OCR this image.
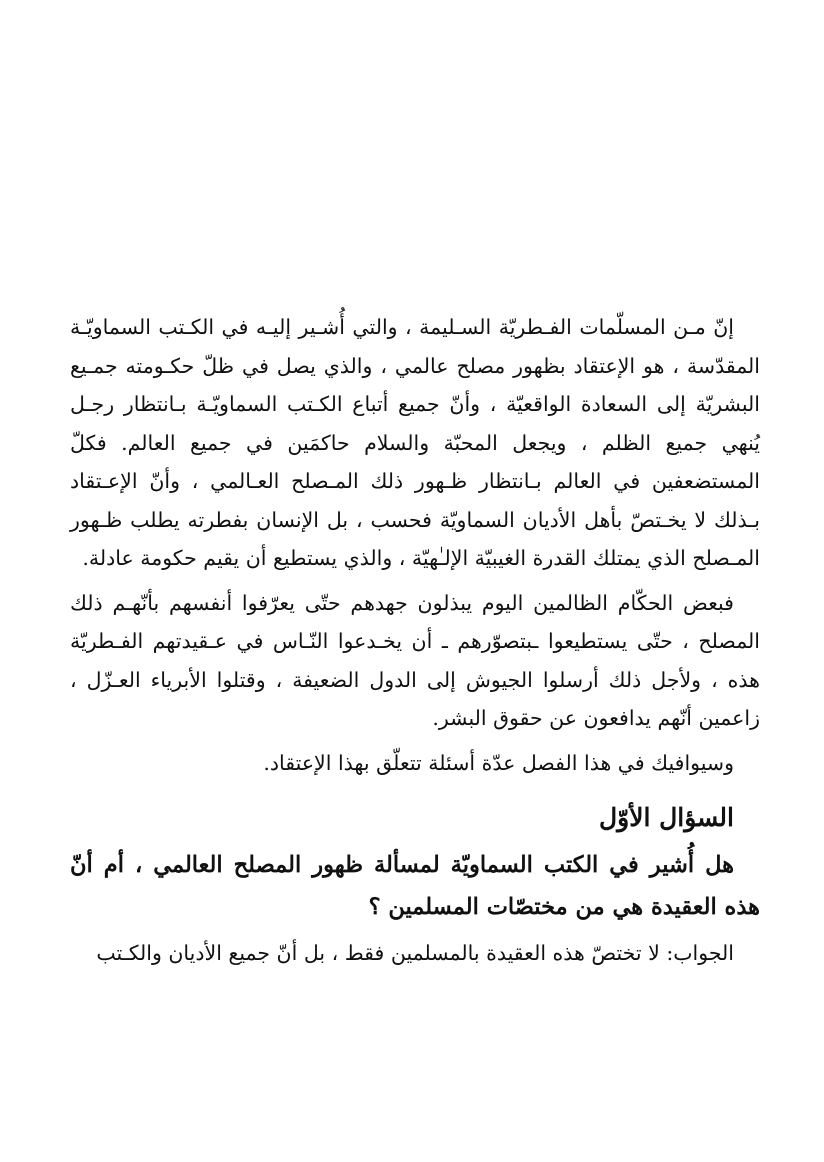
إنّ مـن المسلّمات الفـطريّة السـليمة ، والتي أُشـير إليـه في الكـتب السماويّـة المقدّسة ، هو الإعتقاد بظهور مصلح عالمي ، والذي يصل في ظلّ حكـومته جمـيع البشريّة إلى السعادة الواقعيّة ، وأنّ جميع أتباع الكـتب السماويّـة بـانتظار رجـل يُنهي جميع الظلم ، ويجعل المحبّة والسلام حاكمَين في جميع العالم. فكلّ المستضعفين في العالم بـانتظار ظـهور ذلك المـصلح العـالمي ، وأنّ الإعـتقاد بـذلك لا يخـتصّ بأهل الأديان السماويّة فحسب ، بل الإنسان بفطرته يطلب ظـهور المـصلح الذي يمتلك القدرة الغيبيّة الإلـٰهيّة ، والذي يستطيع أن يقيم حكومة عادلة.

فبعض الحكّام الظالمين اليوم يبذلون جهدهم حتّى يعرّفوا أنفسهم بأنّهـم ذلك المصلح ، حتّى يستطيعوا ـبتصوّرهم ـ أن يخـدعوا النّـاس في عـقيدتهم الفـطريّة هذه ، ولأجل ذلك أرسلوا الجيوش إلى الدول الضعيفة ، وقتلوا الأبرياء العـزّل ، زاعمين أنّهم يدافعون عن حقوق البشر.

وسيوافيك في هذا الفصل عدّة أسئلة تتعلّق بهذا الإعتقاد.

السؤال الأوّل

هل أُشير في الكتب السماويّة لمسألة ظهور المصلح العالمي ، أم أنّ هذه العقيدة هي من مختصّات المسلمين ؟

الجواب: لا تختصّ هذه العقيدة بالمسلمين فقط ، بل أنّ جميع الأديان والكـتب
